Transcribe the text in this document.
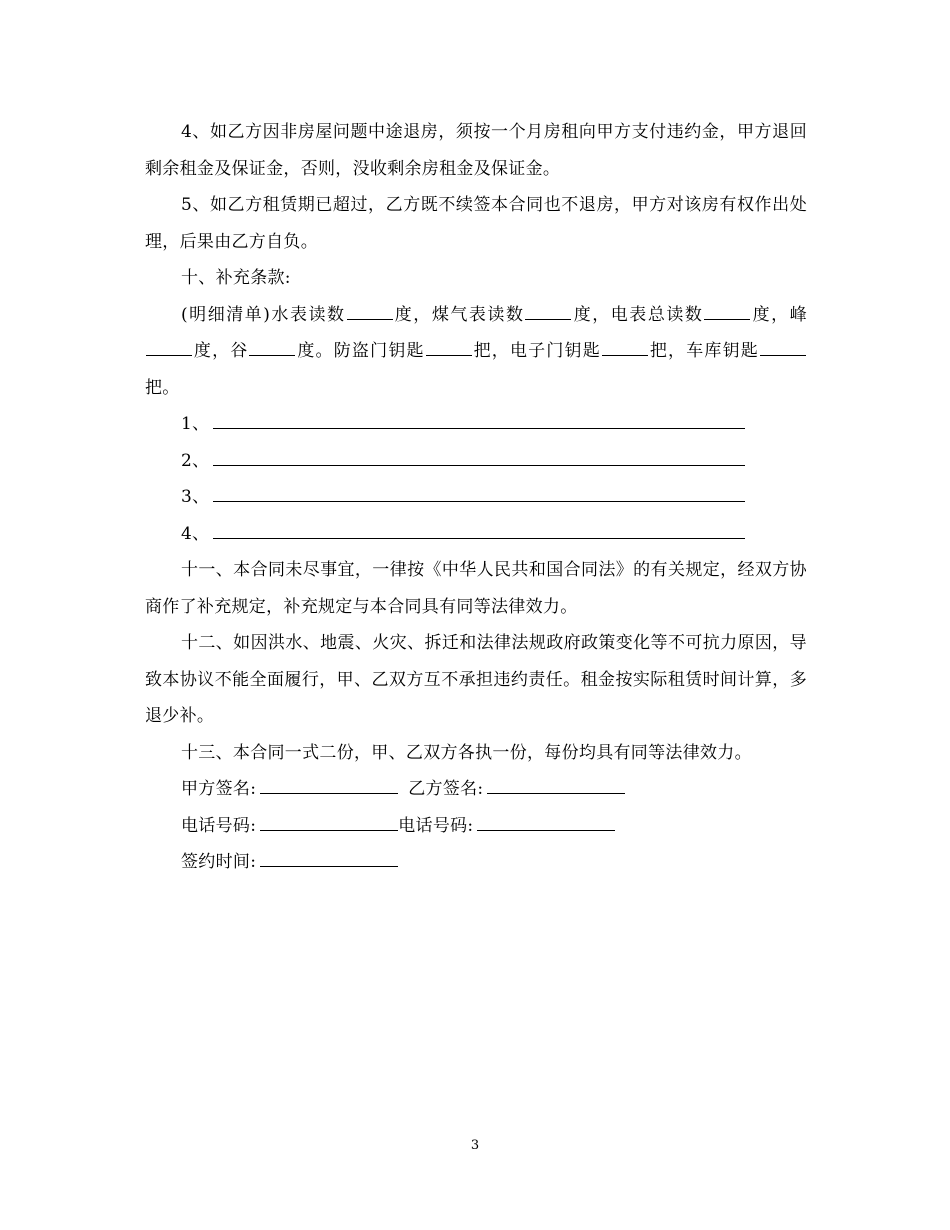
4、如乙方因非房屋问题中途退房，须按一个月房租向甲方支付违约金，甲方退回剩余租金及保证金，否则，没收剩余房租金及保证金。

5、如乙方租赁期已超过，乙方既不续签本合同也不退房，甲方对该房有权作出处理，后果由乙方自负。

十、补充条款:

(明细清单)水表读数	度，煤气表读数	度，电表总读数	度，峰度，谷	度。防盗门钥匙	把，电子门钥匙	把，车库钥匙把。

1、

2、

3、

4、

十一、本合同未尽事宜，一律按《中华人民共和国合同法》的有关规定，经双方协商作了补充规定，补充规定与本合同具有同等法律效力。

十二、如因洪水、地震、火灾、拆迁和法律法规政府政策变化等不可抗力原因，导致本协议不能全面履行，甲、乙双方互不承担违约责任。租金按实际租赁时间计算，多退少补。

十三、本合同一式二份，甲、乙双方各执一份，每份均具有同等法律效力。

甲方签名:	乙方签名:

电话号码:	电话号码:

签约时间:

3
